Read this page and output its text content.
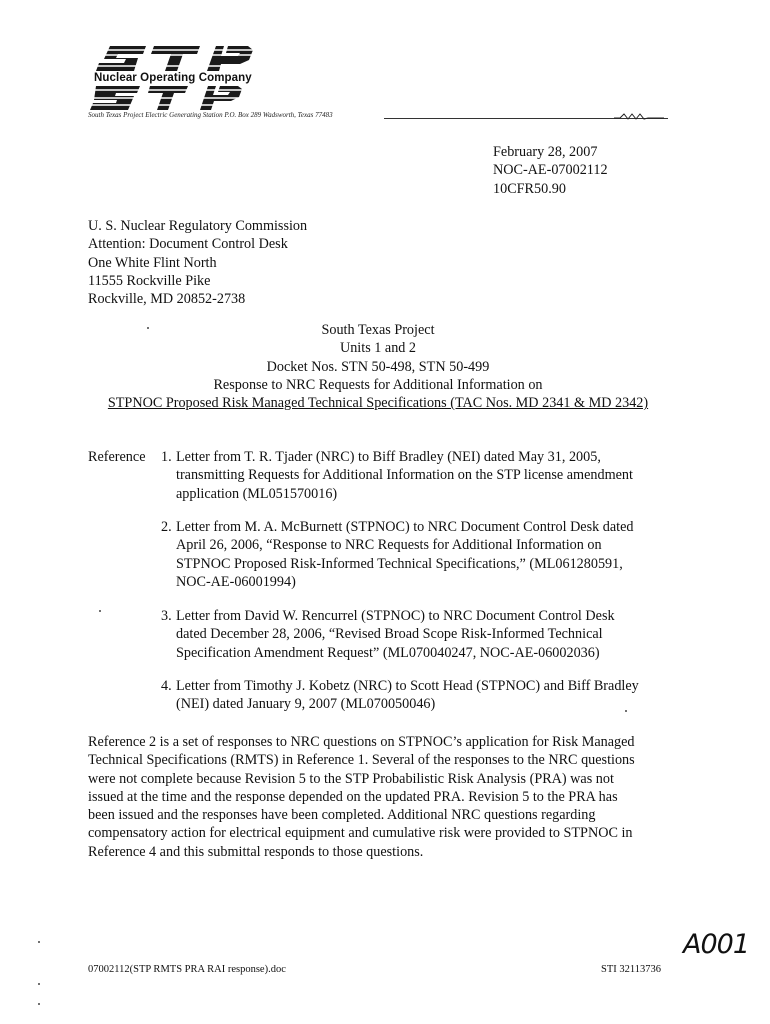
Nuclear Operating Company
South Texas Project Electric Generating Station P.O. Box 289 Wadsworth, Texas 77483
February 28, 2007
NOC-AE-07002112
10CFR50.90
U. S. Nuclear Regulatory Commission
Attention: Document Control Desk
One White Flint North
11555 Rockville Pike
Rockville, MD 20852-2738
South Texas Project
Units 1 and 2
Docket Nos. STN 50-498, STN 50-499
Response to NRC Requests for Additional Information on
STPNOC Proposed Risk Managed Technical Specifications (TAC Nos. MD 2341 & MD 2342)
Reference 1. Letter from T. R. Tjader (NRC) to Biff Bradley (NEI) dated May 31, 2005,
transmitting Requests for Additional Information on the STP license amendment
application (ML051570016)
2. Letter from M. A. McBurnett (STPNOC) to NRC Document Control Desk dated
April 26, 2006, “Response to NRC Requests for Additional Information on
STPNOC Proposed Risk-Informed Technical Specifications,” (ML061280591,
NOC-AE-06001994)
3. Letter from David W. Rencurrel (STPNOC) to NRC Document Control Desk
dated December 28, 2006, “Revised Broad Scope Risk-Informed Technical
Specification Amendment Request” (ML070040247, NOC-AE-06002036)
4. Letter from Timothy J. Kobetz (NRC) to Scott Head (STPNOC) and Biff Bradley
(NEI) dated January 9, 2007 (ML070050046)
Reference 2 is a set of responses to NRC questions on STPNOC’s application for Risk Managed
Technical Specifications (RMTS) in Reference 1. Several of the responses to the NRC questions
were not complete because Revision 5 to the STP Probabilistic Risk Analysis (PRA) was not
issued at the time and the response depended on the updated PRA. Revision 5 to the PRA has
been issued and the responses have been completed. Additional NRC questions regarding
compensatory action for electrical equipment and cumulative risk were provided to STPNOC in
Reference 4 and this submittal responds to those questions.
A001
07002112(STP RMTS PRA RAI response).doc	STI 32113736
